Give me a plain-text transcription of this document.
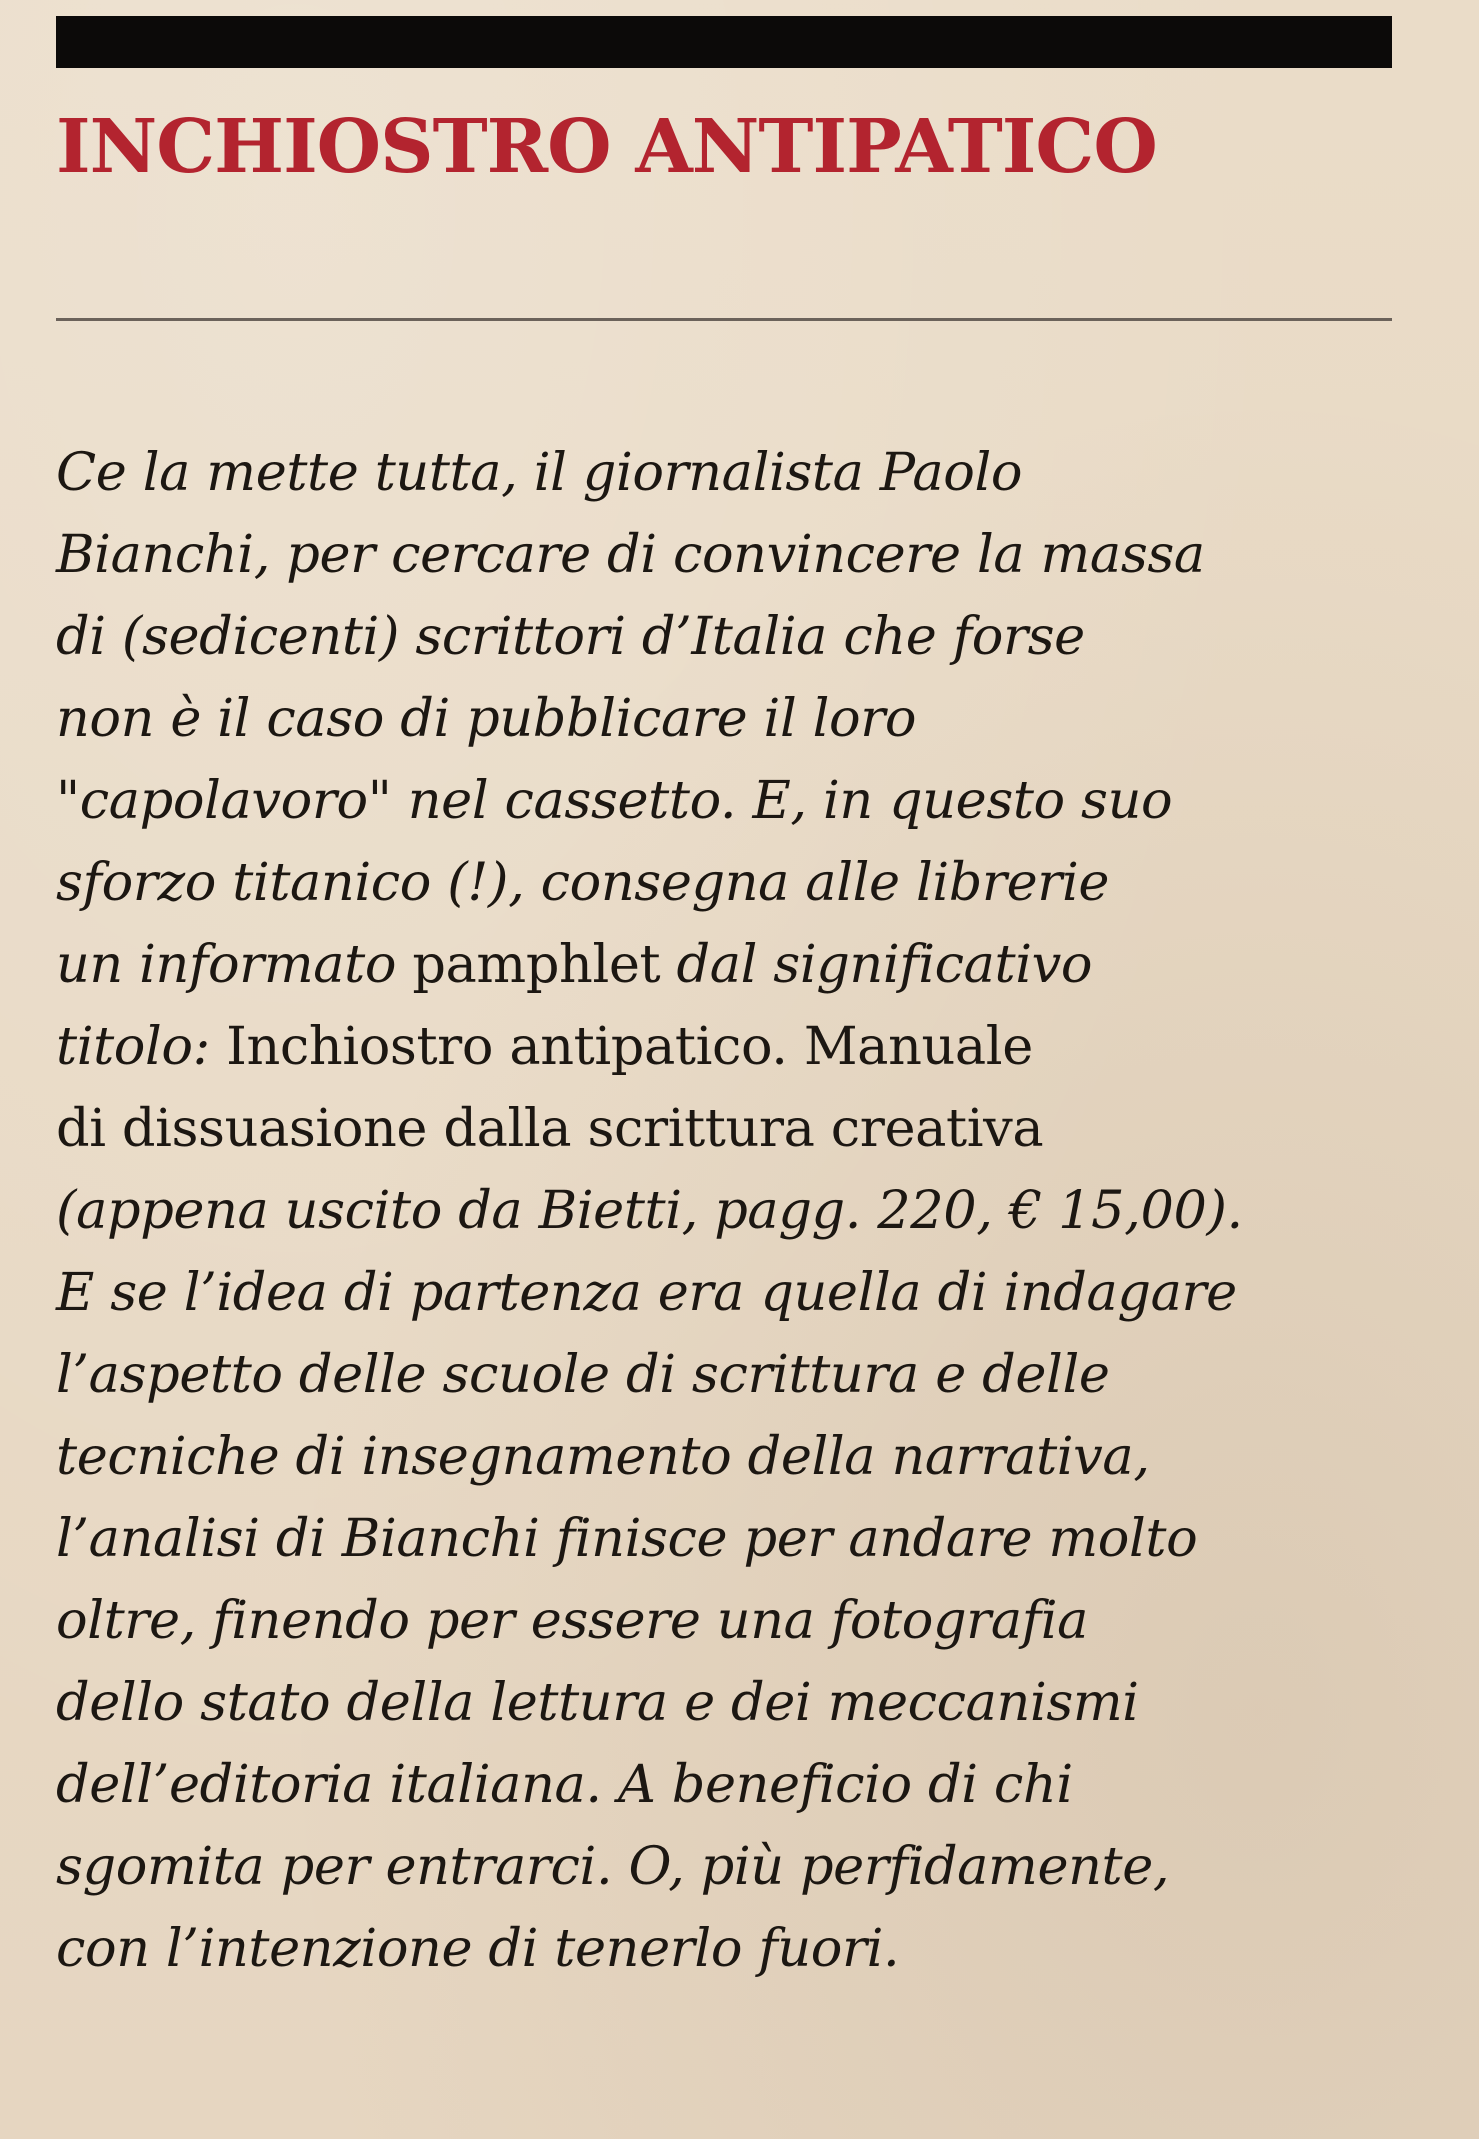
INCHIOSTRO ANTIPATICO
Ce la mette tutta, il giornalista Paolo
Bianchi, per cercare di convincere la massa
di (sedicenti) scrittori d’Italia che forse
non è il caso di pubblicare il loro
"capolavoro" nel cassetto. E, in questo suo
sforzo titanico (!), consegna alle librerie
un informato pamphlet dal significativo
titolo: Inchiostro antipatico. Manuale
di dissuasione dalla scrittura creativa
(appena uscito da Bietti, pagg. 220, € 15,00).
E se l’idea di partenza era quella di indagare
l’aspetto delle scuole di scrittura e delle
tecniche di insegnamento della narrativa,
l’analisi di Bianchi finisce per andare molto
oltre, finendo per essere una fotografia
dello stato della lettura e dei meccanismi
dell’editoria italiana. A beneficio di chi
sgomita per entrarci. O, più perfidamente,
con l’intenzione di tenerlo fuori.
